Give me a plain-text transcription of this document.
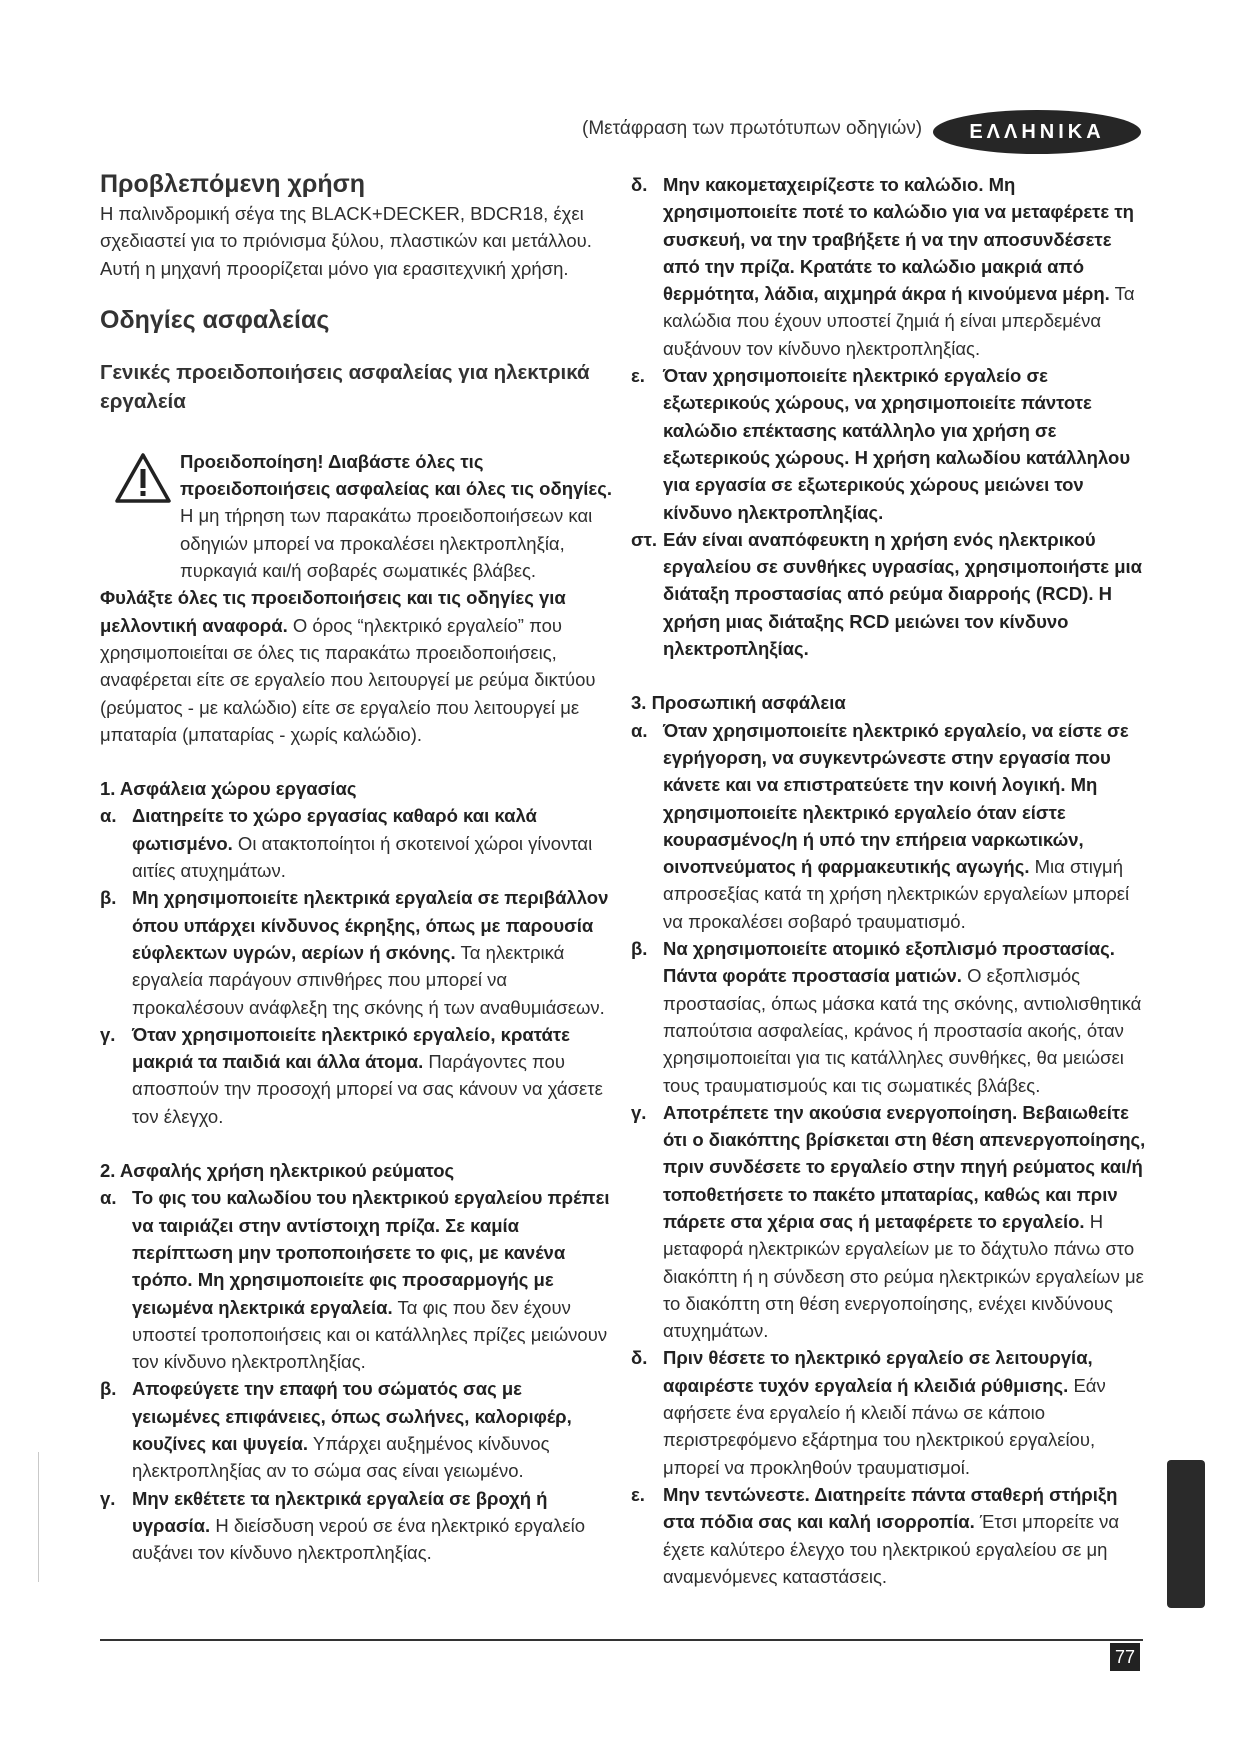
(Μετάφραση των πρωτότυπων οδηγιών)	ΕΛΛΗΝΙΚΑ
Προβλεπόμενη χρήση

Η παλινδρομική σέγα της BLACK+DECKER, BDCR18, έχει σχεδιαστεί για το πριόνισμα ξύλου, πλαστικών και μετάλλου. Αυτή η μηχανή προορίζεται μόνο για ερασιτεχνική χρήση.

Οδηγίες ασφαλείας
Γενικές προειδοποιήσεις ασφαλείας για ηλεκτρικά εργαλεία

Προειδοποίηση! Διαβάστε όλες τις προειδοποιήσεις ασφαλείας και όλες τις οδηγίες. Η μη τήρηση των παρακάτω προειδοποιήσεων και οδηγιών μπορεί να προκαλέσει ηλεκτροπληξία, πυρκαγιά και/ή σοβαρές σωματικές βλάβες.

Φυλάξτε όλες τις προειδοποιήσεις και τις οδηγίες για μελλοντική αναφορά. Ο όρος “ηλεκτρικό εργαλείο” που χρησιμοποιείται σε όλες τις παρακάτω προειδοποιήσεις, αναφέρεται είτε σε εργαλείο που λειτουργεί με ρεύμα δικτύου (ρεύματος - με καλώδιο) είτε σε εργαλείο που λειτουργεί με μπαταρία (μπαταρίας - χωρίς καλώδιο).

1. Ασφάλεια χώρου εργασίας

α. Διατηρείτε το χώρο εργασίας καθαρό και καλά φωτισμένο. Οι ατακτοποίητοι ή σκοτεινοί χώροι γίνονται αιτίες ατυχημάτων.
β. Μη χρησιμοποιείτε ηλεκτρικά εργαλεία σε περιβάλλον όπου υπάρχει κίνδυνος έκρηξης, όπως με παρουσία εύφλεκτων υγρών, αερίων ή σκόνης. Τα ηλεκτρικά εργαλεία παράγουν σπινθήρες που μπορεί να προκαλέσουν ανάφλεξη της σκόνης ή των αναθυμιάσεων.
γ. Όταν χρησιμοποιείτε ηλεκτρικό εργαλείο, κρατάτε μακριά τα παιδιά και άλλα άτομα. Παράγοντες που αποσπούν την προσοχή μπορεί να σας κάνουν να χάσετε τον έλεγχο.

2. Ασφαλής χρήση ηλεκτρικού ρεύματος

α. Το φις του καλωδίου του ηλεκτρικού εργαλείου πρέπει να ταιριάζει στην αντίστοιχη πρίζα. Σε καμία περίπτωση μην τροποποιήσετε το φις, με κανένα τρόπο. Μη χρησιμοποιείτε φις προσαρμογής με γειωμένα ηλεκτρικά εργαλεία. Τα φις που δεν έχουν υποστεί τροποποιήσεις και οι κατάλληλες πρίζες μειώνουν τον κίνδυνο ηλεκτροπληξίας.
β. Αποφεύγετε την επαφή του σώματός σας με γειωμένες επιφάνειες, όπως σωλήνες, καλοριφέρ, κουζίνες και ψυγεία. Υπάρχει αυξημένος κίνδυνος ηλεκτροπληξίας αν το σώμα σας είναι γειωμένο.
γ. Μην εκθέτετε τα ηλεκτρικά εργαλεία σε βροχή ή υγρασία. Η διείσδυση νερού σε ένα ηλεκτρικό εργαλείο αυξάνει τον κίνδυνο ηλεκτροπληξίας.
δ. Μην κακομεταχειρίζεστε το καλώδιο. Μη χρησιμοποιείτε ποτέ το καλώδιο για να μεταφέρετε τη συσκευή, να την τραβήξετε ή να την αποσυνδέσετε από την πρίζα. Κρατάτε το καλώδιο μακριά από θερμότητα, λάδια, αιχμηρά άκρα ή κινούμενα μέρη. Τα καλώδια που έχουν υποστεί ζημιά ή είναι μπερδεμένα αυξάνουν τον κίνδυνο ηλεκτροπληξίας.
ε. Όταν χρησιμοποιείτε ηλεκτρικό εργαλείο σε εξωτερικούς χώρους, να χρησιμοποιείτε πάντοτε καλώδιο επέκτασης κατάλληλο για χρήση σε εξωτερικούς χώρους. Η χρήση καλωδίου κατάλληλου για εργασία σε εξωτερικούς χώρους μειώνει τον κίνδυνο ηλεκτροπληξίας.
στ. Εάν είναι αναπόφευκτη η χρήση ενός ηλεκτρικού εργαλείου σε συνθήκες υγρασίας, χρησιμοποιήστε μια διάταξη προστασίας από ρεύμα διαρροής (RCD). Η χρήση μιας διάταξης RCD μειώνει τον κίνδυνο ηλεκτροπληξίας.

3. Προσωπική ασφάλεια

α. Όταν χρησιμοποιείτε ηλεκτρικό εργαλείο, να είστε σε εγρήγορση, να συγκεντρώνεστε στην εργασία που κάνετε και να επιστρατεύετε την κοινή λογική. Μη χρησιμοποιείτε ηλεκτρικό εργαλείο όταν είστε κουρασμένος/η ή υπό την επήρεια ναρκωτικών, οινοπνεύματος ή φαρμακευτικής αγωγής. Μια στιγμή απροσεξίας κατά τη χρήση ηλεκτρικών εργαλείων μπορεί να προκαλέσει σοβαρό τραυματισμό.
β. Να χρησιμοποιείτε ατομικό εξοπλισμό προστασίας. Πάντα φοράτε προστασία ματιών. Ο εξοπλισμός προστασίας, όπως μάσκα κατά της σκόνης, αντιολισθητικά παπούτσια ασφαλείας, κράνος ή προστασία ακοής, όταν χρησιμοποιείται για τις κατάλληλες συνθήκες, θα μειώσει τους τραυματισμούς και τις σωματικές βλάβες.
γ. Αποτρέπετε την ακούσια ενεργοποίηση. Βεβαιωθείτε ότι ο διακόπτης βρίσκεται στη θέση απενεργοποίησης, πριν συνδέσετε το εργαλείο στην πηγή ρεύματος και/ή τοποθετήσετε το πακέτο μπαταρίας, καθώς και πριν πάρετε στα χέρια σας ή μεταφέρετε το εργαλείο. Η μεταφορά ηλεκτρικών εργαλείων με το δάχτυλο πάνω στο διακόπτη ή η σύνδεση στο ρεύμα ηλεκτρικών εργαλείων με το διακόπτη στη θέση ενεργοποίησης, ενέχει κινδύνους ατυχημάτων.
δ. Πριν θέσετε το ηλεκτρικό εργαλείο σε λειτουργία, αφαιρέστε τυχόν εργαλεία ή κλειδιά ρύθμισης. Εάν αφήσετε ένα εργαλείο ή κλειδί πάνω σε κάποιο περιστρεφόμενο εξάρτημα του ηλεκτρικού εργαλείου, μπορεί να προκληθούν τραυματισμοί.
ε. Μην τεντώνεστε. Διατηρείτε πάντα σταθερή στήριξη στα πόδια σας και καλή ισορροπία. Έτσι μπορείτε να έχετε καλύτερο έλεγχο του ηλεκτρικού εργαλείου σε μη αναμενόμενες καταστάσεις.
77
